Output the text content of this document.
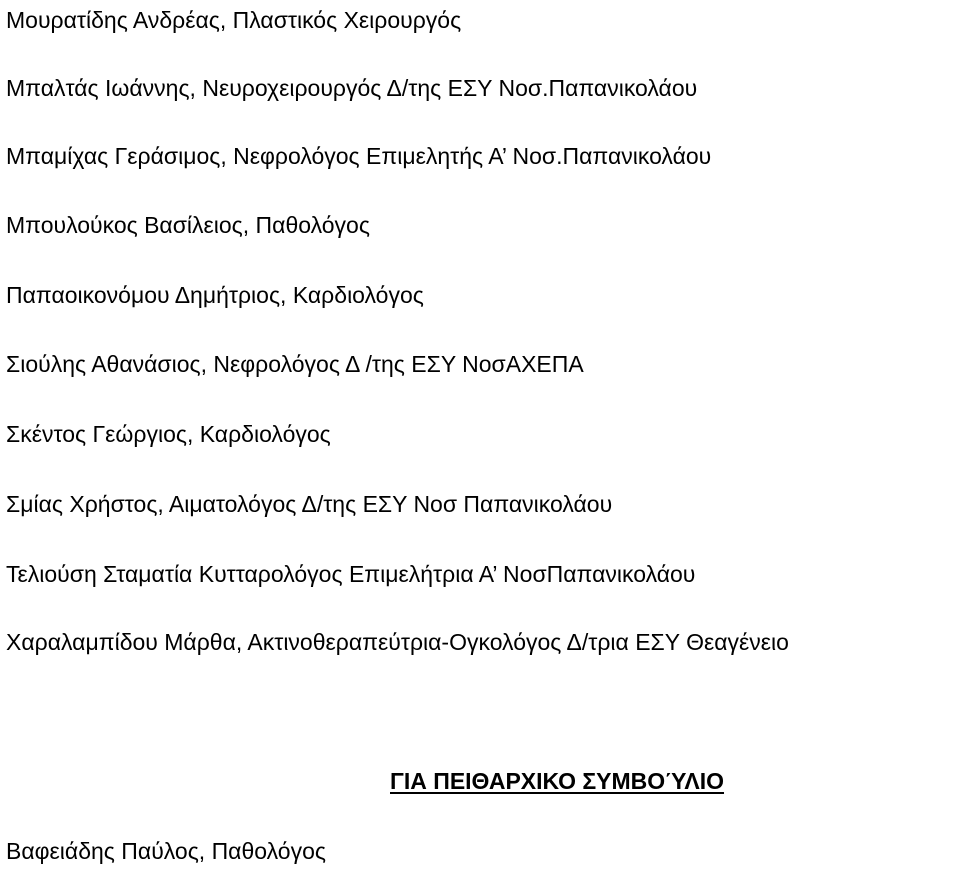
Μουρατίδης Ανδρέας, Πλαστικός Χειρουργός
Μπαλτάς Ιωάννης, Νευροχειρουργός Δ/της ΕΣΥ Νοσ.Παπανικολάου
Μπαμίχας Γεράσιμος, Νεφρολόγος Επιμελητής Α’ Νοσ.Παπανικολάου
Μπουλούκος Βασίλειος, Παθολόγος
Παπαοικονόμου Δημήτριος, Καρδιολόγος
Σιούλης Αθανάσιος, Νεφρολόγος Δ /της ΕΣΥ ΝοσΑΧΕΠΑ
Σκέντος Γεώργιος, Καρδιολόγος
Σμίας Χρήστος, Αιματολόγος Δ/της ΕΣΥ Νοσ Παπανικολάου
Τελιούση Σταματία Κυτταρολόγος Επιμελήτρια Α’ ΝοσΠαπανικολάου
Χαραλαμπίδου Μάρθα, Ακτινοθεραπεύτρια-Ογκολόγος Δ/τρια ΕΣΥ Θεαγένειο
ΓΙΑ ΠΕΙΘΑΡΧΙΚΟ ΣΥΜΒΟΎΛΙΟ
Βαφειάδης Παύλος, Παθολόγος
